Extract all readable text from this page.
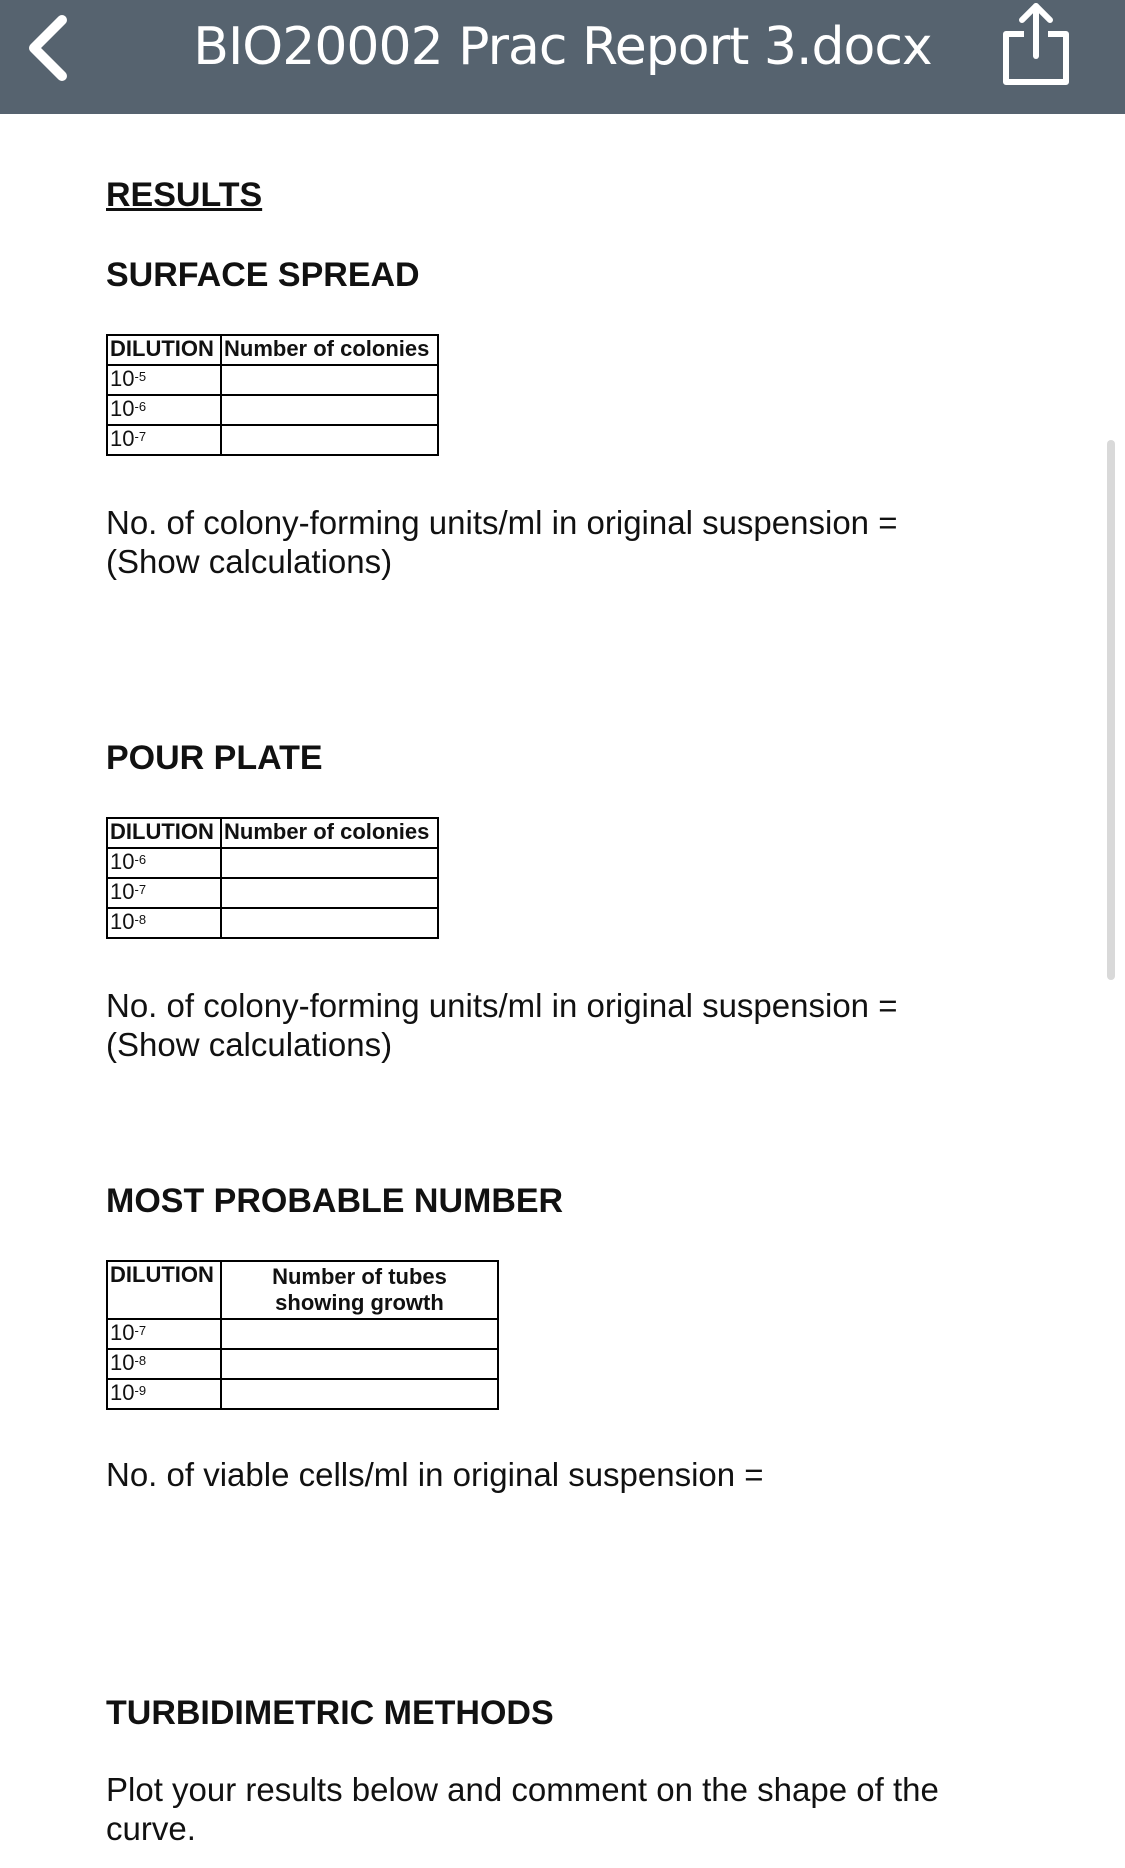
BIO20002 Prac Report 3.docx
RESULTS
SURFACE SPREAD
DILUTION	Number of colonies
$10^{-5}$	
$10^{-6}$	
$10^{-7}$	

No. of colony-forming units/ml in original suspension =

(Show calculations)

POUR PLATE
DILUTION	Number of colonies
$10^{-6}$	
$10^{-7}$	
$10^{-8}$	

No. of colony-forming units/ml in original suspension =

(Show calculations)

MOST PROBABLE NUMBER
DILUTION	Number of tubes
showing growth

$10^{-7}$	
$10^{-8}$	
$10^{-9}$	

No. of viable cells/ml in original suspension =

TURBIDIMETRIC METHODS

Plot your results below and comment on the shape of the

curve.
